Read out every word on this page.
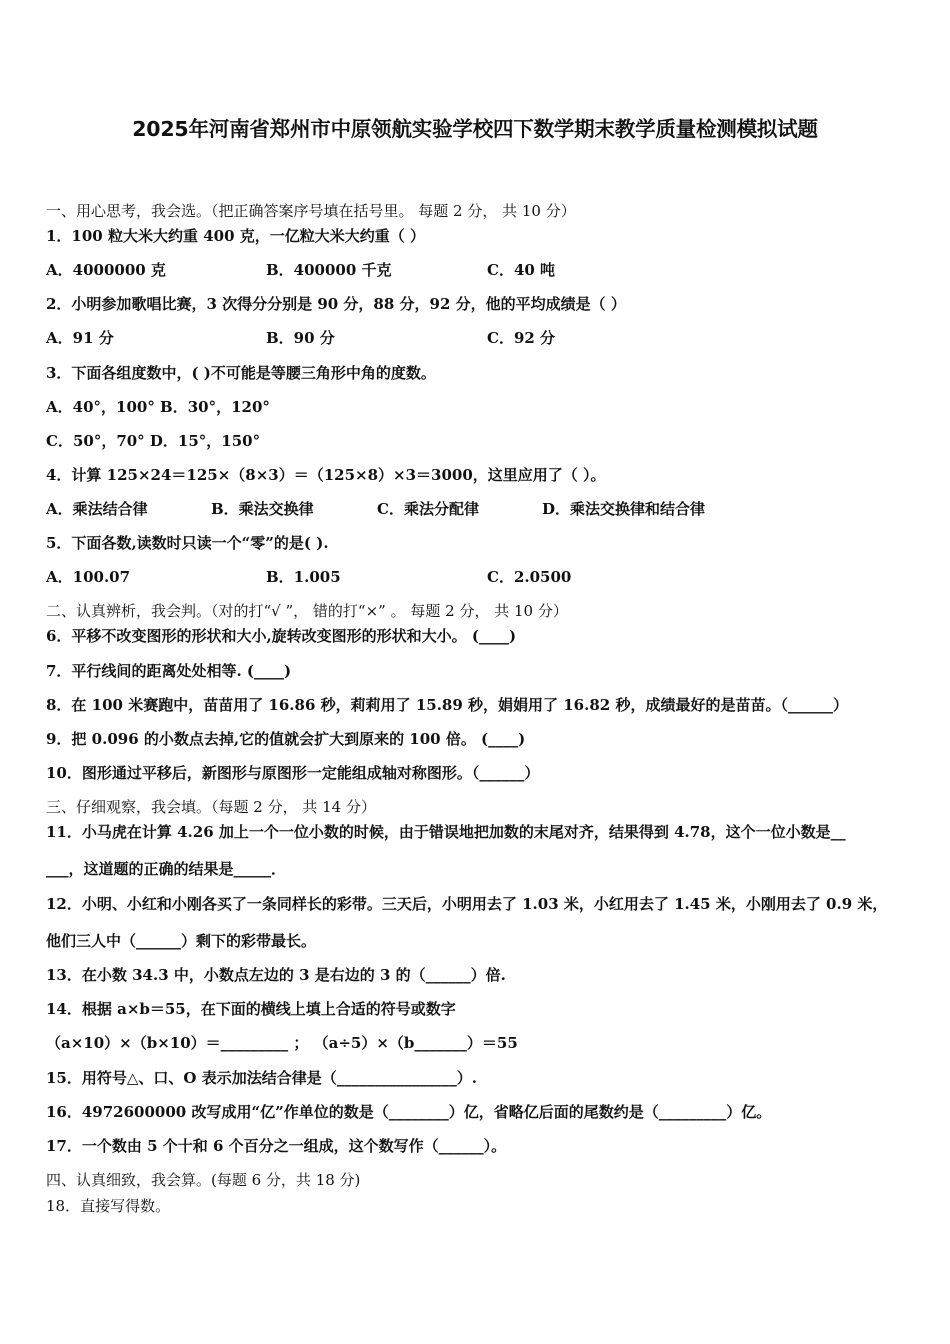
2025年河南省郑州市中原领航实验学校四下数学期末教学质量检测模拟试题
一、用心思考，我会选。（把正确答案序号填在括号里。 每题 2 分， 共 10 分）
1．100 粒大米大约重 400 克，一亿粒大米大约重（ ）
A．4000000 克	B．400000 千克	C．40 吨
2．小明参加歌唱比赛，3 次得分分别是 90 分，88 分，92 分，他的平均成绩是（ ）
A．91 分	B．90 分	C．92 分
3．下面各组度数中，( )不可能是等腰三角形中角的度数。
A．40°，100° B．30°，120°
C．50°，70° D．15°，150°
4．计算 125×24＝125×（8×3）＝（125×8）×3＝3000，这里应用了（ ）。
A．乘法结合律	B．乘法交换律	C．乘法分配律	D．乘法交换律和结合律
5．下面各数,读数时只读一个“零”的是( ).
A．100.07	B．1.005	C．2.0500
二、认真辨析，我会判。（对的打“√ ”， 错的打“×” 。 每题 2 分， 共 10 分）
6．平移不改变图形的形状和大小,旋转改变图形的形状和大小。 (____)
7．平行线间的距离处处相等. (____)
8．在 100 米赛跑中，苗苗用了 16.86 秒，莉莉用了 15.89 秒，娟娟用了 16.82 秒，成绩最好的是苗苗。（______）
9．把 0.096 的小数点去掉,它的值就会扩大到原来的 100 倍。 (____)
10．图形通过平移后，新图形与原图形一定能组成轴对称图形。（______）
三、仔细观察，我会填。（每题 2 分， 共 14 分）
11．小马虎在计算 4.26 加上一个一位小数的时候，由于错误地把加数的末尾对齐，结果得到 4.78，这个一位小数是__
___，这道题的正确的结果是_____．
12．小明、小红和小刚各买了一条同样长的彩带。三天后，小明用去了 1.03 米，小红用去了 1.45 米，小刚用去了 0.9 米，
他们三人中（______）剩下的彩带最长。
13．在小数 34.3 中，小数点左边的 3 是右边的 3 的（______）倍.
14．根据 a×b＝55，在下面的横线上填上合适的符号或数字
（a×10）×（b×10）＝_________ ； （a÷5）×（b_______）＝55
15．用符号△、口、O 表示加法结合律是（________________）.
16．4972600000 改写成用“亿”作单位的数是（________）亿，省略亿后面的尾数约是（_________）亿。
17．一个数由 5 个十和 6 个百分之一组成，这个数写作（______）。
四、认真细致，我会算。(每题 6 分，共 18 分)
18．直接写得数。
